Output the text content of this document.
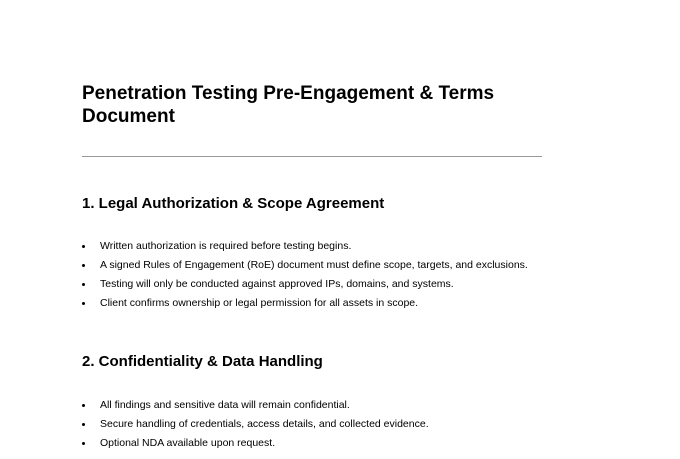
Penetration Testing Pre-Engagement & Terms Document
1. Legal Authorization & Scope Agreement
Written authorization is required before testing begins.
A signed Rules of Engagement (RoE) document must define scope, targets, and exclusions.
Testing will only be conducted against approved IPs, domains, and systems.
Client confirms ownership or legal permission for all assets in scope.
2. Confidentiality & Data Handling
All findings and sensitive data will remain confidential.
Secure handling of credentials, access details, and collected evidence.
Optional NDA available upon request.
